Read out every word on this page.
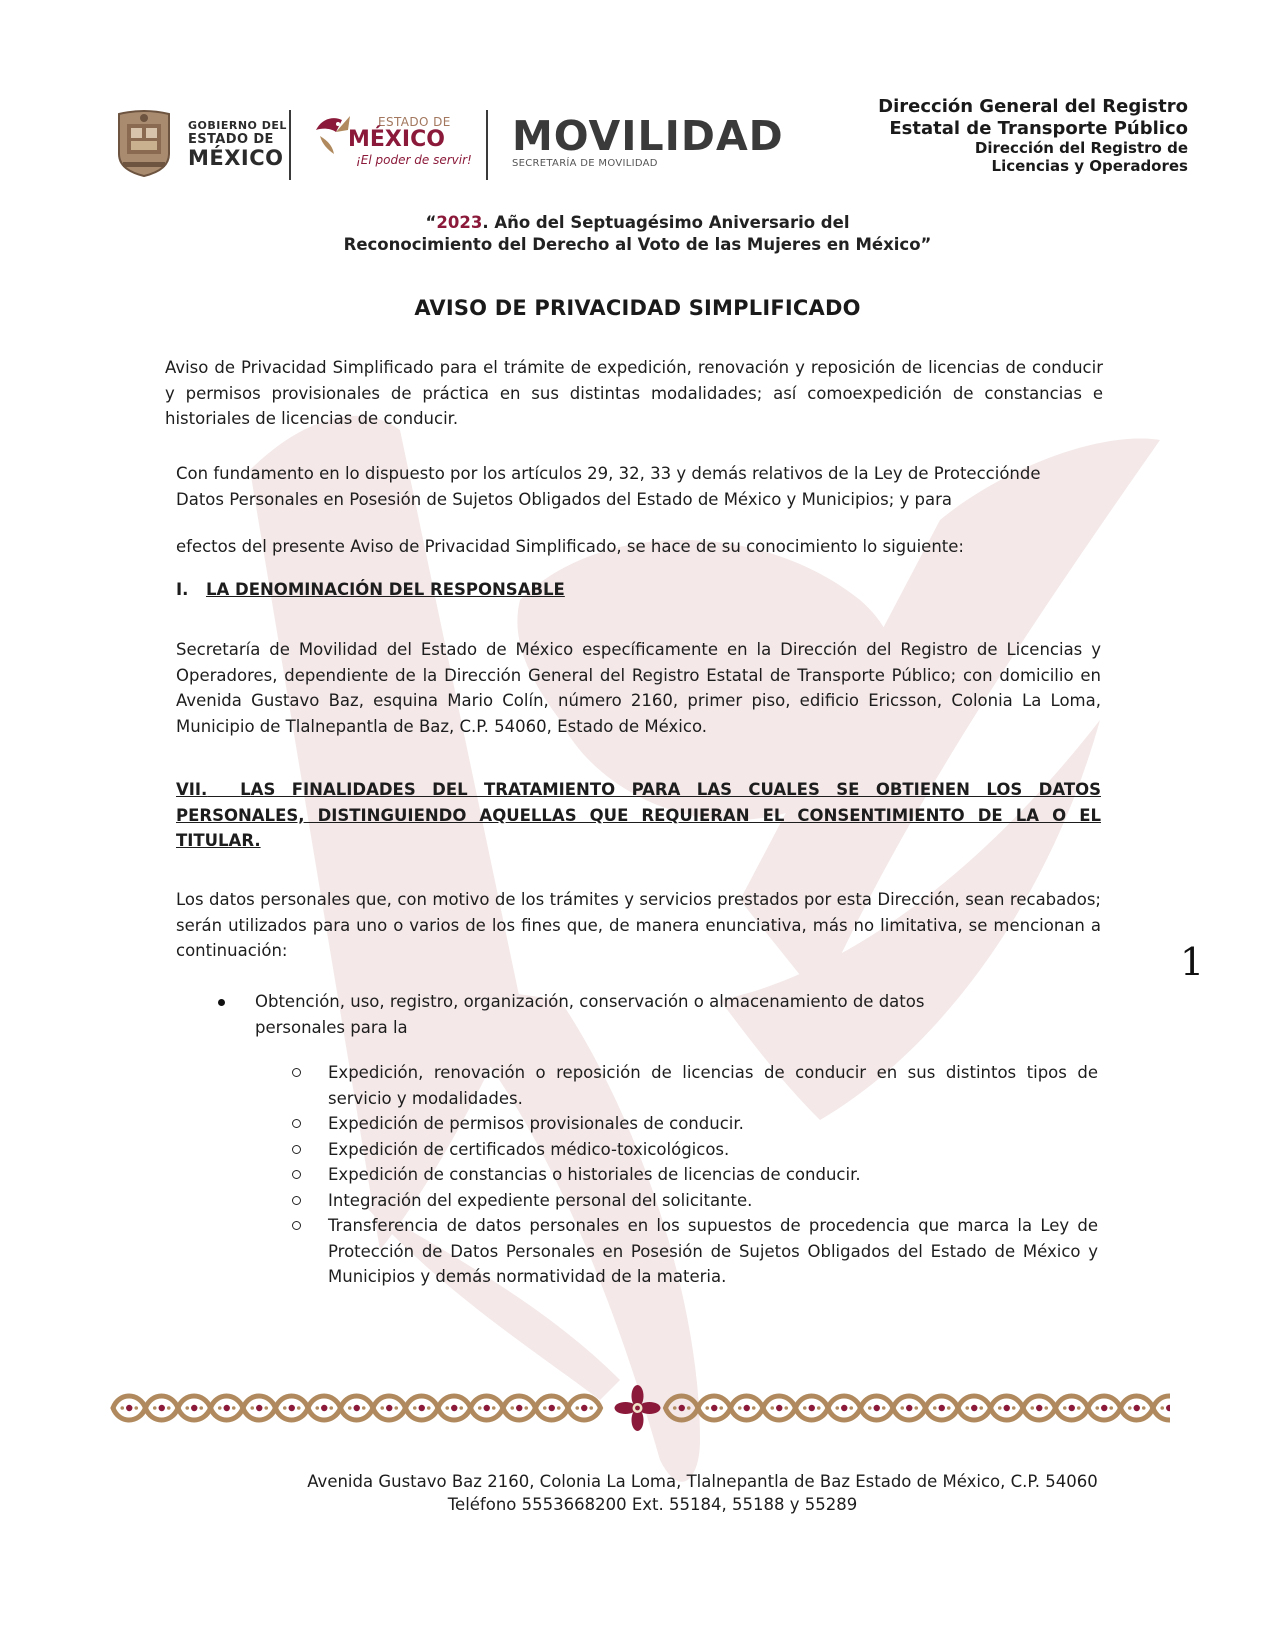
GOBIERNO DEL
ESTADO DE
MÉXICO
ESTADO DE
MÉXICO
¡El poder de servir! MOVILIDAD
SECRETARÍA DE MOVILIDAD
Dirección General del Registro
Estatal de Transporte Público
Dirección del Registro de
Licencias y Operadores
“2023. Año del Septuagésimo Aniversario del
Reconocimiento del Derecho al Voto de las Mujeres en México”
AVISO DE PRIVACIDAD SIMPLIFICADO
Aviso de Privacidad Simplificado para el trámite de expedición, renovación y reposición de licencias de conducir y permisos provisionales de práctica en sus distintas modalidades; así comoexpedición de constancias e historiales de licencias de conducir.
Con fundamento en lo dispuesto por los artículos 29, 32, 33 y demás relativos de la Ley de Protecciónde
Datos Personales en Posesión de Sujetos Obligados del Estado de México y Municipios; y para
efectos del presente Aviso de Privacidad Simplificado, se hace de su conocimiento lo siguiente:
I. LA DENOMINACIÓN DEL RESPONSABLE
Secretaría de Movilidad del Estado de México específicamente en la Dirección del Registro de Licencias y Operadores, dependiente de la Dirección General del Registro Estatal de Transporte Público; con domicilio en Avenida Gustavo Baz, esquina Mario Colín, número 2160, primer piso, edificio Ericsson, Colonia La Loma, Municipio de Tlalnepantla de Baz, C.P. 54060, Estado de México.
VII. LAS FINALIDADES DEL TRATAMIENTO PARA LAS CUALES SE OBTIENEN LOS DATOS PERSONALES, DISTINGUIENDO AQUELLAS QUE REQUIERAN EL CONSENTIMIENTO DE LA O EL TITULAR.
Los datos personales que, con motivo de los trámites y servicios prestados por esta Dirección, sean recabados; serán utilizados para uno o varios de los fines que, de manera enunciativa, más no limitativa, se mencionan a continuación:	1
Obtención, uso, registro, organización, conservación o almacenamiento de datos personales para la
Expedición, renovación o reposición de licencias de conducir en sus distintos tipos de servicio y modalidades.
Expedición de permisos provisionales de conducir.
Expedición de certificados médico-toxicológicos.
Expedición de constancias o historiales de licencias de conducir.
Integración del expediente personal del solicitante.
Transferencia de datos personales en los supuestos de procedencia que marca la Ley de Protección de Datos Personales en Posesión de Sujetos Obligados del Estado de México y Municipios y demás normatividad de la materia.
Avenida Gustavo Baz 2160, Colonia La Loma, Tlalnepantla de Baz Estado de México, C.P. 54060
Teléfono 5553668200 Ext. 55184, 55188 y 55289
